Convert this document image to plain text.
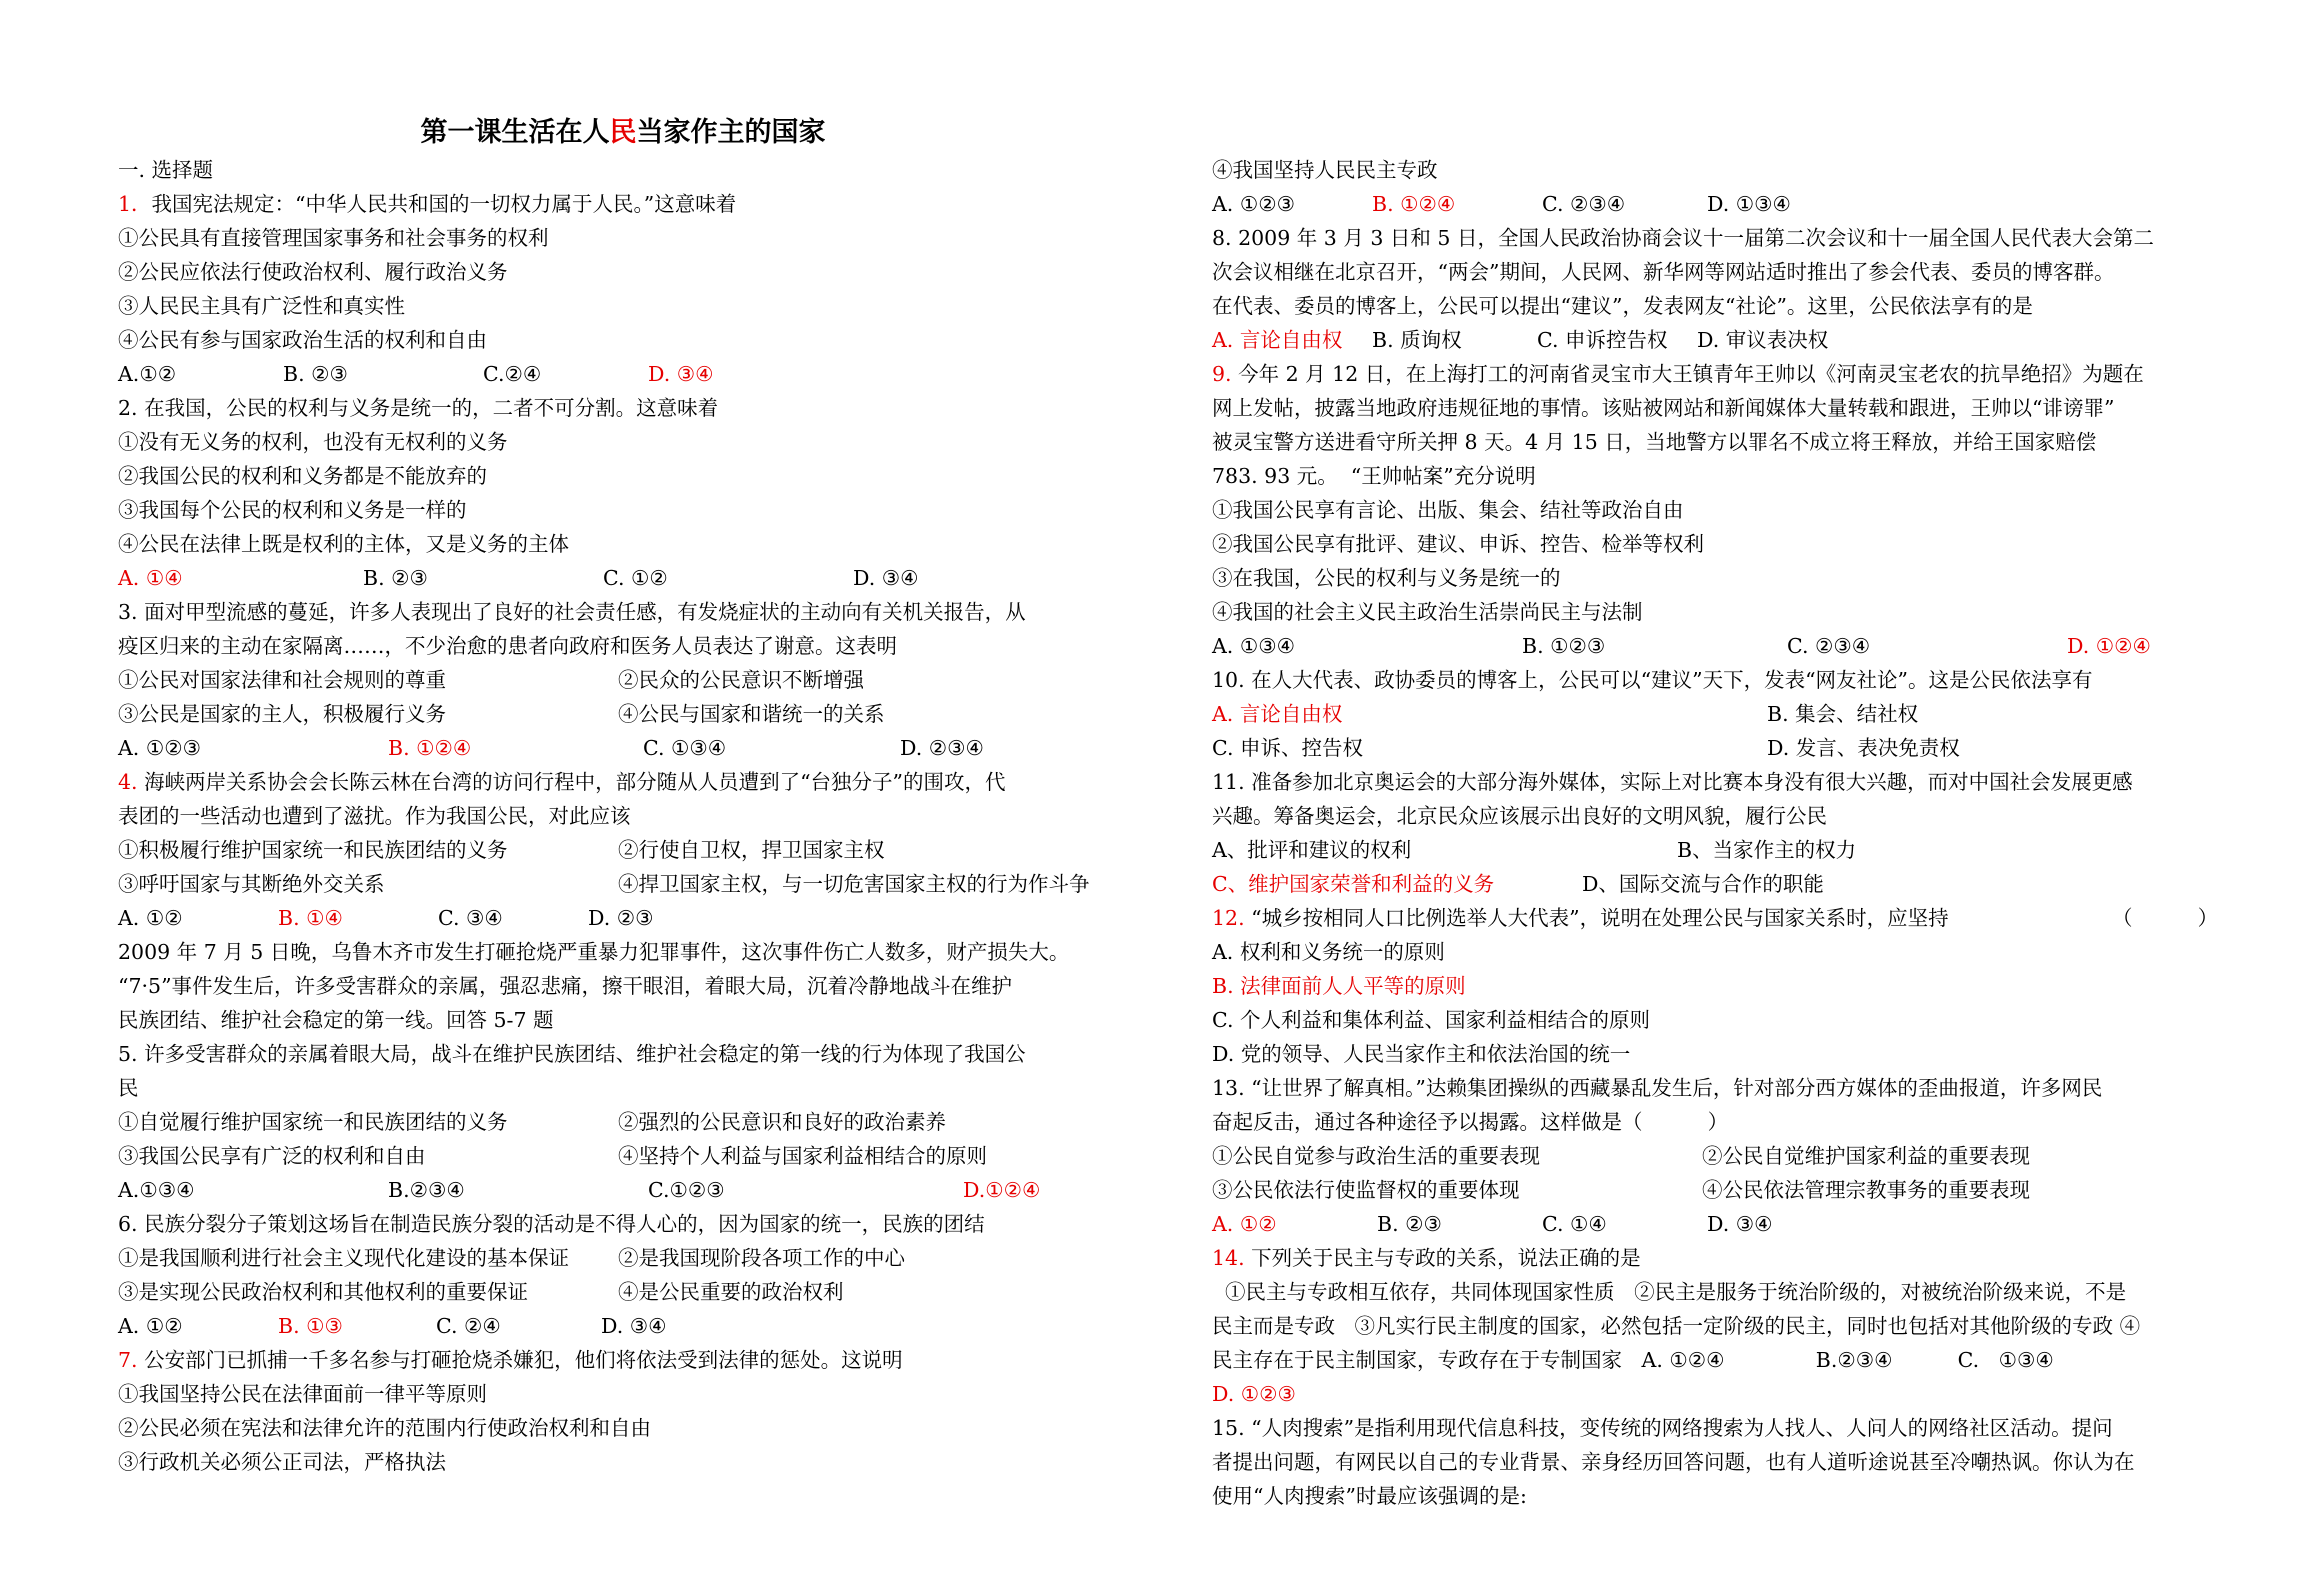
第一课生活在人民当家作主的国家
一. 选择题
1．我国宪法规定：“中华人民共和国的一切权力属于人民。”这意味着
①公民具有直接管理国家事务和社会事务的权利
②公民应依法行使政治权利、履行政治义务
③人民民主具有广泛性和真实性
④公民有参与国家政治生活的权利和自由
A.①②	B. ②③	C.②④	D. ③④
2. 在我国，公民的权利与义务是统一的，二者不可分割。这意味着
①没有无义务的权利，也没有无权利的义务
②我国公民的权利和义务都是不能放弃的
③我国每个公民的权利和义务是一样的
④公民在法律上既是权利的主体，又是义务的主体
A. ①④	B. ②③	C. ①②	D. ③④
3. 面对甲型流感的蔓延，许多人表现出了良好的社会责任感，有发烧症状的主动向有关机关报告，从
疫区归来的主动在家隔离……，不少治愈的患者向政府和医务人员表达了谢意。这表明
①公民对国家法律和社会规则的尊重	②民众的公民意识不断增强
③公民是国家的主人，积极履行义务	④公民与国家和谐统一的关系
A. ①②③	B. ①②④	C. ①③④	D. ②③④
4. 海峡两岸关系协会会长陈云林在台湾的访问行程中，部分随从人员遭到了“台独分子”的围攻，代
表团的一些活动也遭到了滋扰。作为我国公民，对此应该
①积极履行维护国家统一和民族团结的义务	②行使自卫权，捍卫国家主权
③呼吁国家与其断绝外交关系	④捍卫国家主权，与一切危害国家主权的行为作斗争
A. ①②	B. ①④	C. ③④	D. ②③
2009 年 7 月 5 日晚，乌鲁木齐市发生打砸抢烧严重暴力犯罪事件，这次事件伤亡人数多，财产损失大。
“7·5”事件发生后，许多受害群众的亲属，强忍悲痛，擦干眼泪，着眼大局，沉着冷静地战斗在维护
民族团结、维护社会稳定的第一线。回答 5-7 题
5. 许多受害群众的亲属着眼大局，战斗在维护民族团结、维护社会稳定的第一线的行为体现了我国公
民
①自觉履行维护国家统一和民族团结的义务	②强烈的公民意识和良好的政治素养
③我国公民享有广泛的权利和自由	④坚持个人利益与国家利益相结合的原则
A.①③④	B.②③④	C.①②③	D.①②④
6. 民族分裂分子策划这场旨在制造民族分裂的活动是不得人心的，因为国家的统一，民族的团结
①是我国顺利进行社会主义现代化建设的基本保证 ②是我国现阶段各项工作的中心
③是实现公民政治权利和其他权利的重要保证	④是公民重要的政治权利
A. ①②	B. ①③	C. ②④	D. ③④
7. 公安部门已抓捕一千多名参与打砸抢烧杀嫌犯，他们将依法受到法律的惩处。这说明
①我国坚持公民在法律面前一律平等原则
②公民必须在宪法和法律允许的范围内行使政治权利和自由
③行政机关必须公正司法，严格执法
④我国坚持人民民主专政
A. ①②③	B. ①②④	C. ②③④	D. ①③④
8. 2009 年 3 月 3 日和 5 日，全国人民政治协商会议十一届第二次会议和十一届全国人民代表大会第二
次会议相继在北京召开，“两会”期间，人民网、新华网等网站适时推出了参会代表、委员的博客群。
在代表、委员的博客上，公民可以提出“建议”，发表网友“社论”。这里，公民依法享有的是
A. 言论自由权 B. 质询权	C. 申诉控告权 D. 审议表决权
9. 今年 2 月 12 日，在上海打工的河南省灵宝市大王镇青年王帅以《河南灵宝老农的抗旱绝招》为题在
网上发帖，披露当地政府违规征地的事情。该贴被网站和新闻媒体大量转载和跟进，王帅以“诽谤罪”
被灵宝警方送进看守所关押 8 天。4 月 15 日，当地警方以罪名不成立将王释放，并给王国家赔偿
783. 93 元。  “王帅帖案”充分说明
①我国公民享有言论、出版、集会、结社等政治自由
②我国公民享有批评、建议、申诉、控告、检举等权利
③在我国，公民的权利与义务是统一的
④我国的社会主义民主政治生活崇尚民主与法制
A. ①③④	B. ①②③	C. ②③④	D. ①②④
10. 在人大代表、政协委员的博客上，公民可以“建议”天下，发表“网友社论”。这是公民依法享有
A. 言论自由权	B. 集会、结社权
C. 申诉、控告权	D. 发言、表决免责权
11. 准备参加北京奥运会的大部分海外媒体，实际上对比赛本身没有很大兴趣，而对中国社会发展更感
兴趣。筹备奥运会，北京民众应该展示出良好的文明风貌，履行公民
A、批评和建议的权利	B、当家作主的权力
C、维护国家荣誉和利益的义务	D、国际交流与合作的职能
12. “城乡按相同人口比例选举人大代表”，说明在处理公民与国家关系时，应坚持	（          ）
A. 权利和义务统一的原则
B. 法律面前人人平等的原则
C. 个人利益和集体利益、国家利益相结合的原则
D. 党的领导、人民当家作主和依法治国的统一
13. “让世界了解真相。”达赖集团操纵的西藏暴乱发生后，针对部分西方媒体的歪曲报道，许多网民
奋起反击，通过各种途径予以揭露。这样做是（          ）
①公民自觉参与政治生活的重要表现	②公民自觉维护国家利益的重要表现
③公民依法行使监督权的重要体现	④公民依法管理宗教事务的重要表现
A. ①②	B. ②③	C. ①④	D. ③④
14. 下列关于民主与专政的关系，说法正确的是
①民主与专政相互依存，共同体现国家性质   ②民主是服务于统治阶级的，对被统治阶级来说，不是
民主而是专政   ③凡实行民主制度的国家，必然包括一定阶级的民主，同时也包括对其他阶级的专政 ④
民主存在于民主制国家，专政存在于专制国家   A. ①②④              B.②③④          C.   ①③④
D. ①②③
15. “人肉搜索”是指利用现代信息科技，变传统的网络搜索为人找人、人问人的网络社区活动。提问
者提出问题，有网民以自己的专业背景、亲身经历回答问题，也有人道听途说甚至冷嘲热讽。你认为在
使用“人肉搜索”时最应该强调的是:
